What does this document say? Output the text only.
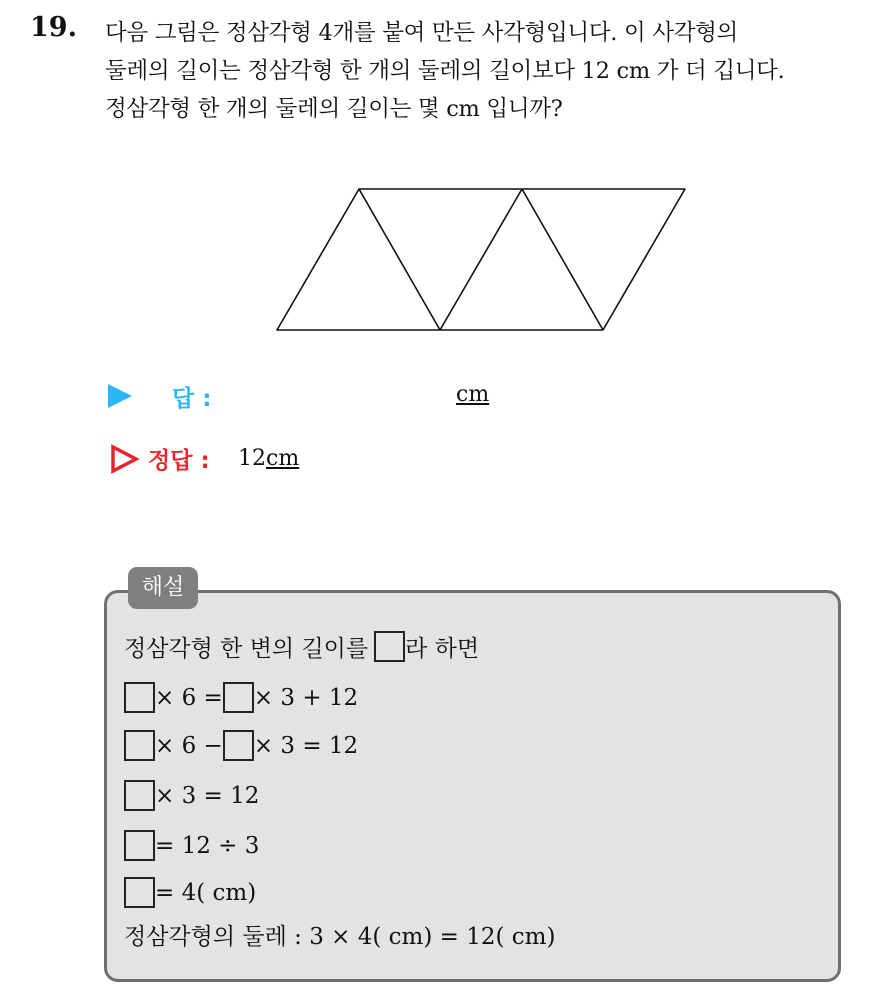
19. 다음 그림은 정삼각형 4개를 붙여 만든 사각형입니다. 이 사각형의
둘레의 길이는 정삼각형 한 개의 둘레의 길이보다 12 cm 가 더 깁니다.
정삼각형 한 개의 둘레의 길이는 몇 cm 입니까?
답 :	cm
정답 : 12cm
해설
정삼각형 한 변의 길이를 라 하면
× 6 = × 3 + 12
× 6 − × 3 = 12
× 3 = 12
= 12 ÷ 3
= 4( cm)
정삼각형의 둘레 : 3 × 4( cm) = 12( cm)
